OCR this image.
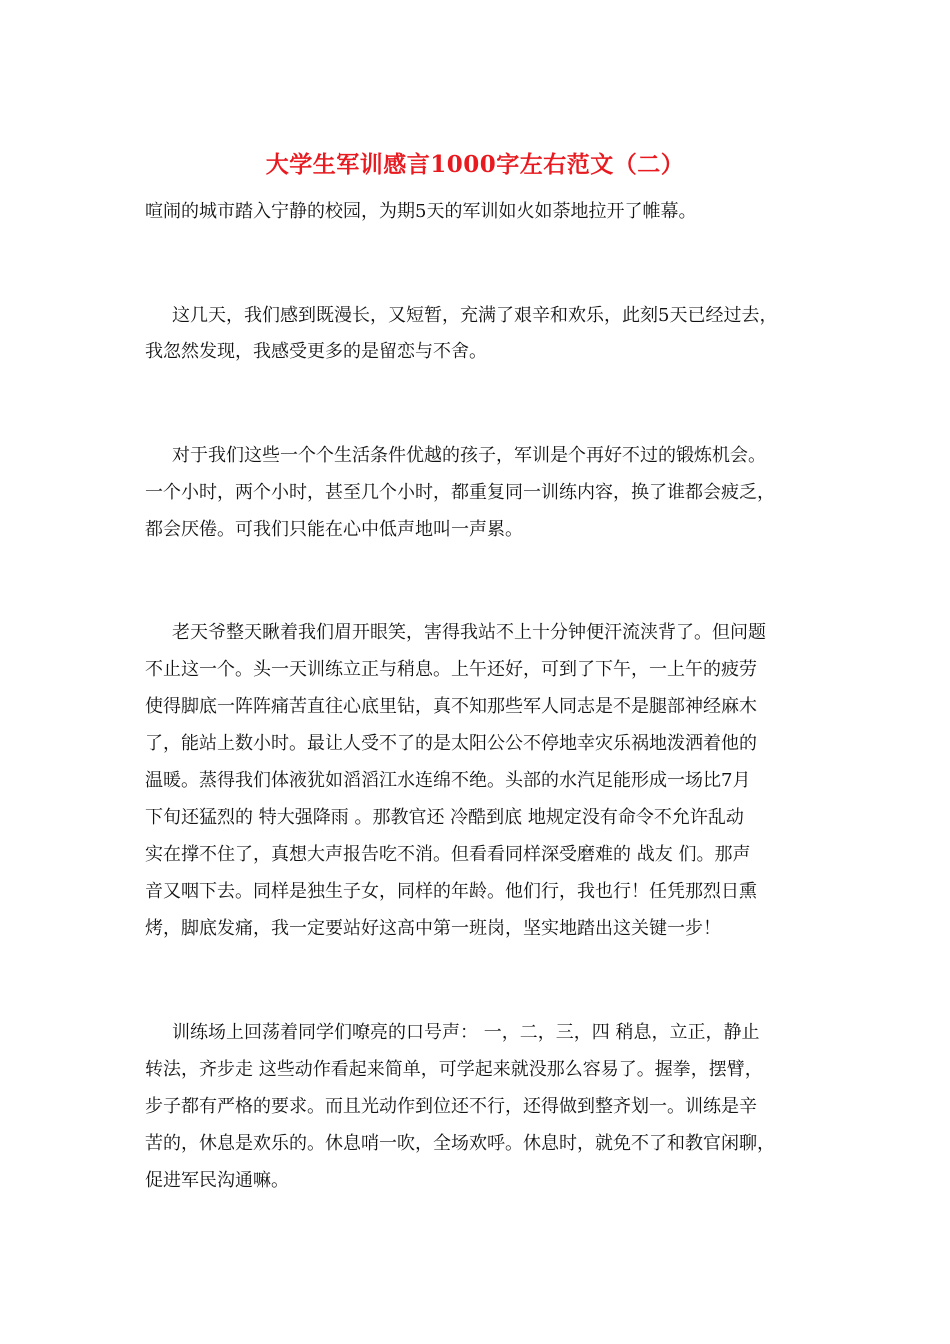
大学生军训感言1000字左右范文（二）

喧闹的城市踏入宁静的校园，为期5天的军训如火如荼地拉开了帷幕。

这几天，我们感到既漫长，又短暂，充满了艰辛和欢乐，此刻5天已经过去，

我忽然发现，我感受更多的是留恋与不舍。

对于我们这些一个个生活条件优越的孩子，军训是个再好不过的锻炼机会。

一个小时，两个小时，甚至几个小时，都重复同一训练内容，换了谁都会疲乏，

都会厌倦。可我们只能在心中低声地叫一声累。

老天爷整天瞅着我们眉开眼笑，害得我站不上十分钟便汗流浃背了。但问题

不止这一个。头一天训练立正与稍息。上午还好，可到了下午，一上午的疲劳

使得脚底一阵阵痛苦直往心底里钻，真不知那些军人同志是不是腿部神经麻木

了，能站上数小时。最让人受不了的是太阳公公不停地幸灾乐祸地泼洒着他的

温暖。蒸得我们体液犹如滔滔江水连绵不绝。头部的水汽足能形成一场比7月

下旬还猛烈的 特大强降雨 。那教官还 冷酷到底 地规定没有命令不允许乱动

实在撑不住了，真想大声报告吃不消。但看看同样深受磨难的 战友 们。那声

音又咽下去。同样是独生子女，同样的年龄。他们行，我也行！任凭那烈日熏

烤，脚底发痛，我一定要站好这高中第一班岗，坚实地踏出这关键一步！

训练场上回荡着同学们嘹亮的口号声： 一，二，三，四 稍息，立正，静止

转法，齐步走 这些动作看起来简单，可学起来就没那么容易了。握拳，摆臂，

步子都有严格的要求。而且光动作到位还不行，还得做到整齐划一。训练是辛

苦的，休息是欢乐的。休息哨一吹，全场欢呼。休息时，就免不了和教官闲聊，

促进军民沟通嘛。
